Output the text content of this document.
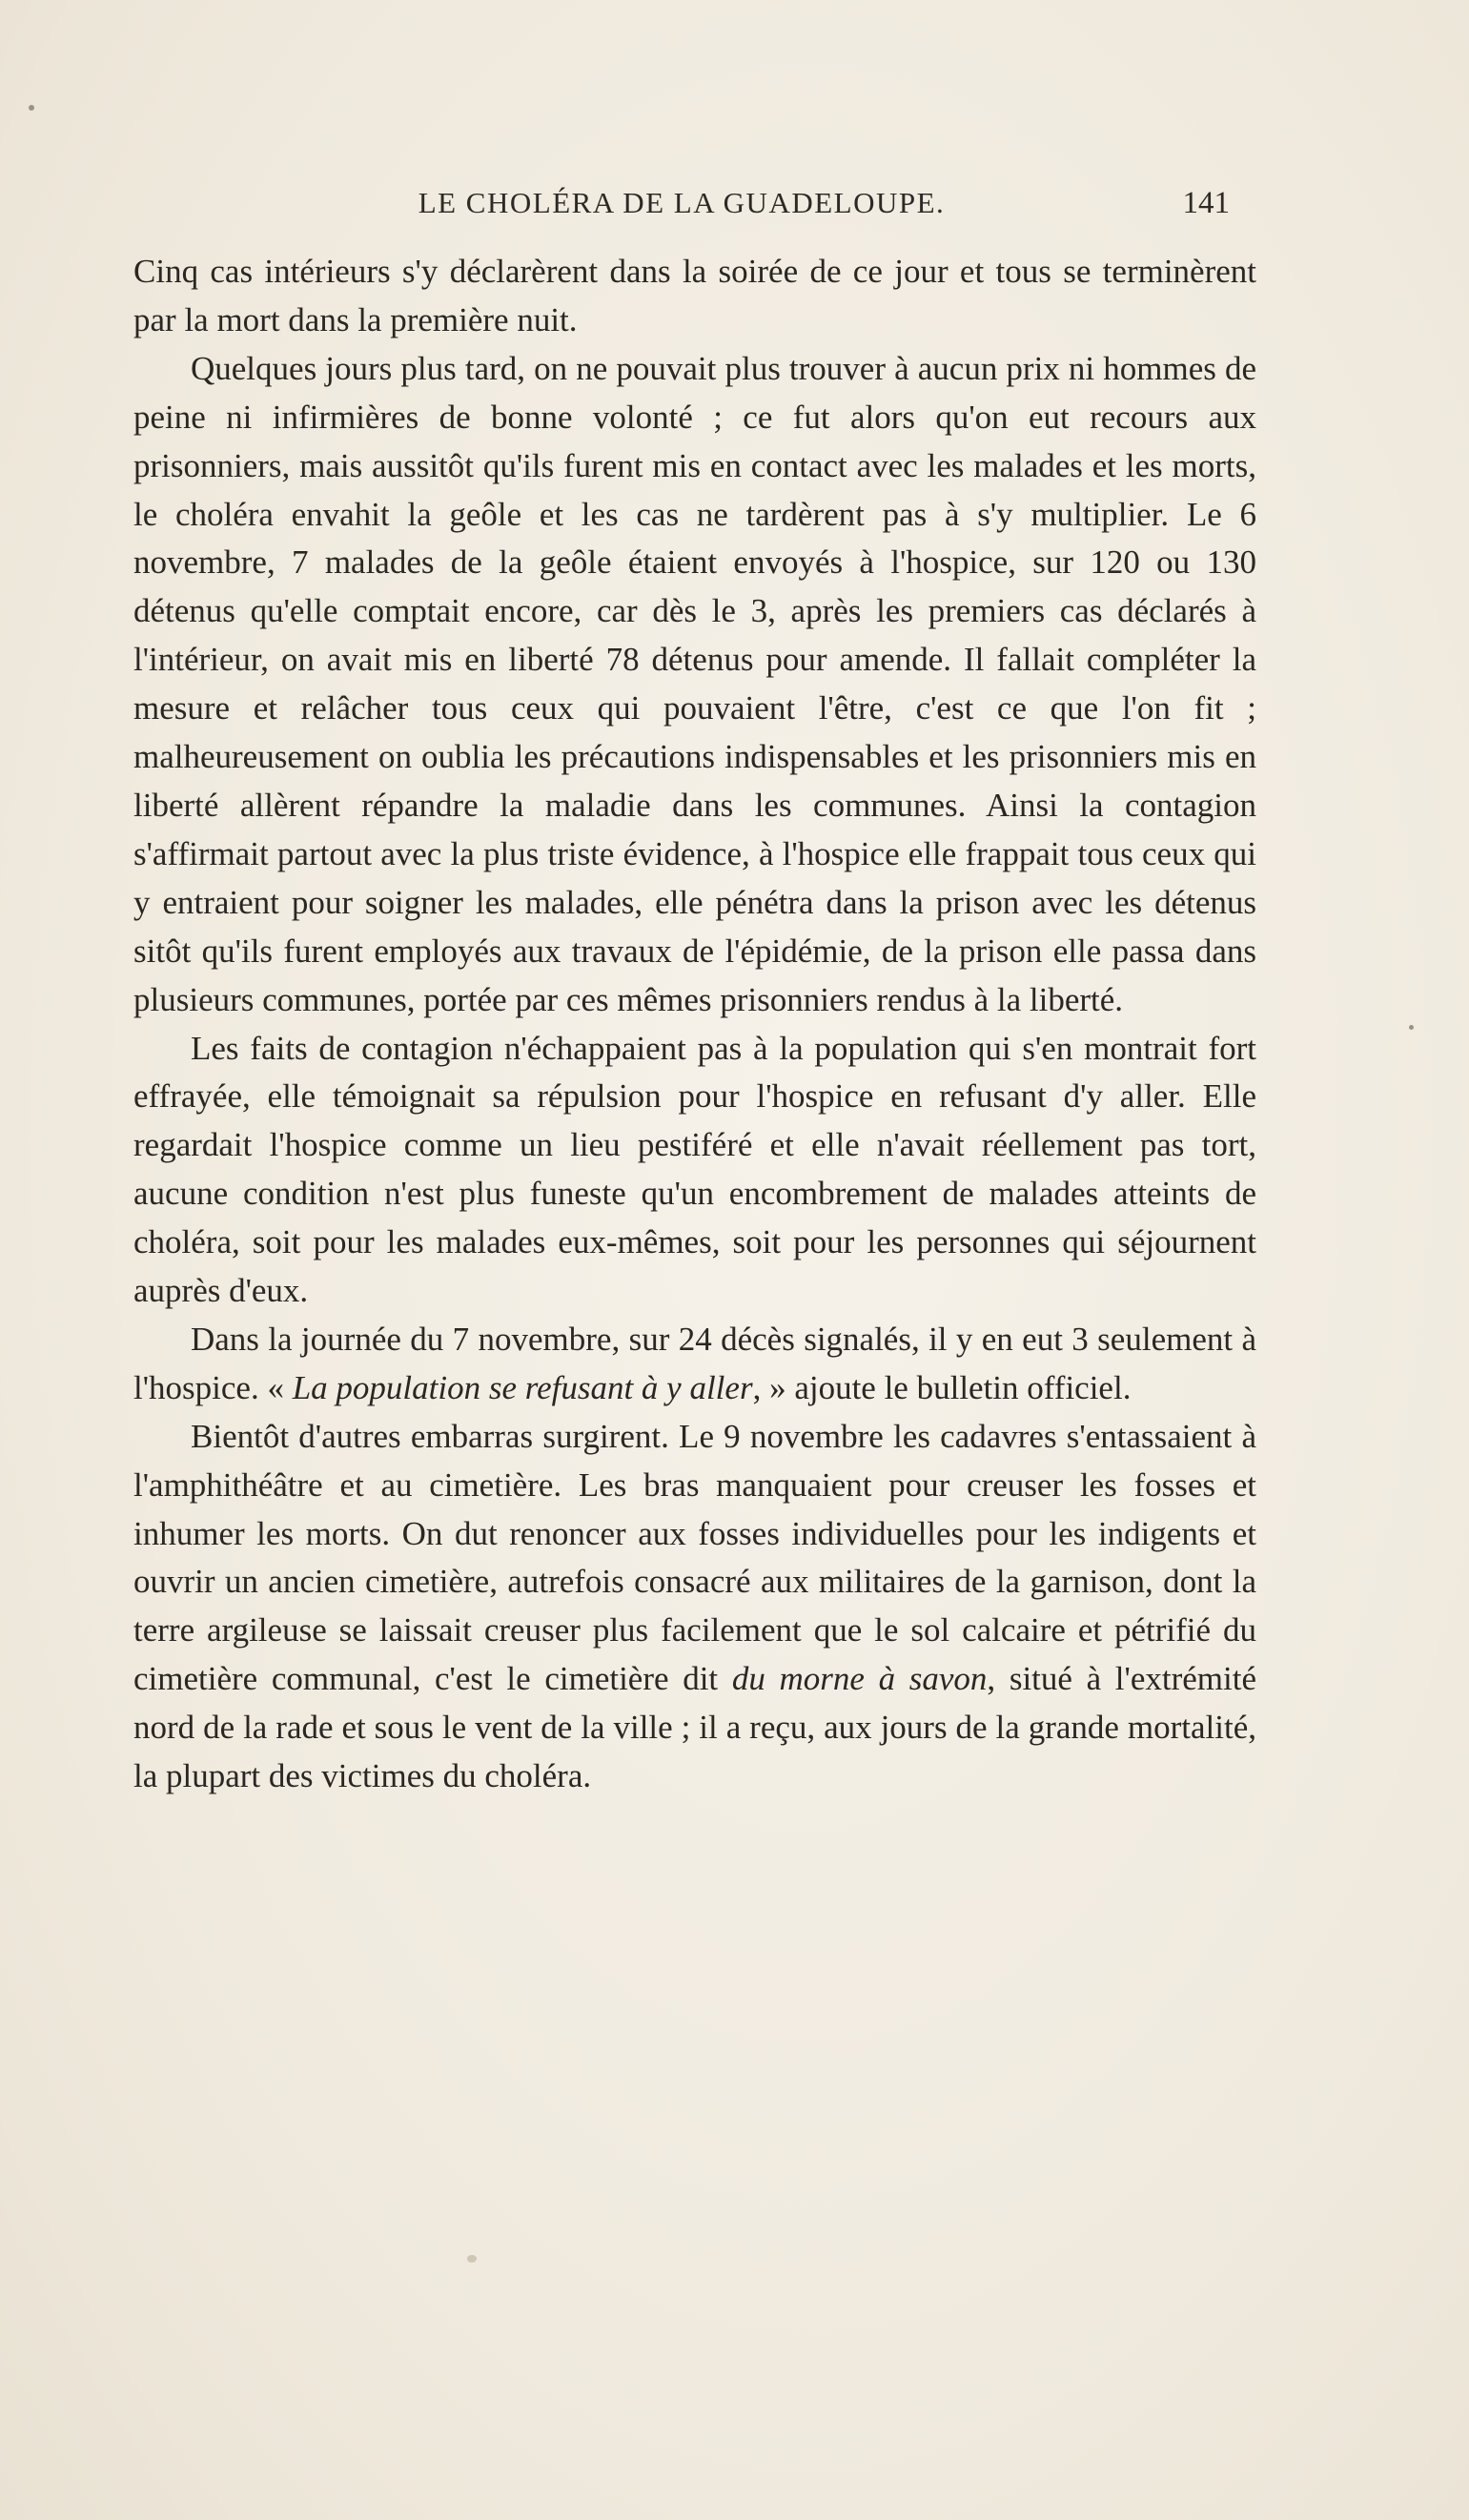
LE CHOLÉRA DE LA GUADELOUPE.	141

Cinq cas intérieurs s'y déclarèrent dans la soirée de ce jour et tous se terminèrent par la mort dans la première nuit.

Quelques jours plus tard, on ne pouvait plus trouver à aucun prix ni hommes de peine ni infirmières de bonne volonté ; ce fut alors qu'on eut recours aux prisonniers, mais aussitôt qu'ils furent mis en contact avec les malades et les morts, le choléra envahit la geôle et les cas ne tardèrent pas à s'y multiplier. Le 6 novembre, 7 malades de la geôle étaient envoyés à l'hospice, sur 120 ou 130 détenus qu'elle comptait encore, car dès le 3, après les premiers cas déclarés à l'intérieur, on avait mis en liberté 78 détenus pour amende. Il fallait compléter la mesure et relâcher tous ceux qui pouvaient l'être, c'est ce que l'on fit ; malheureusement on oublia les précautions indispensables et les prisonniers mis en liberté allèrent répandre la maladie dans les communes. Ainsi la contagion s'affirmait partout avec la plus triste évidence, à l'hospice elle frappait tous ceux qui y entraient pour soigner les malades, elle pénétra dans la prison avec les détenus sitôt qu'ils furent employés aux travaux de l'épidémie, de la prison elle passa dans plusieurs communes, portée par ces mêmes prisonniers rendus à la liberté.

Les faits de contagion n'échappaient pas à la population qui s'en montrait fort effrayée, elle témoignait sa répulsion pour l'hospice en refusant d'y aller. Elle regardait l'hospice comme un lieu pestiféré et elle n'avait réellement pas tort, aucune condition n'est plus funeste qu'un encombrement de malades atteints de choléra, soit pour les malades eux-mêmes, soit pour les personnes qui séjournent auprès d'eux.

Dans la journée du 7 novembre, sur 24 décès signalés, il y en eut 3 seulement à l'hospice. « La population se refusant à y aller, » ajoute le bulletin officiel.

Bientôt d'autres embarras surgirent. Le 9 novembre les cadavres s'entassaient à l'amphithéâtre et au cimetière. Les bras manquaient pour creuser les fosses et inhumer les morts. On dut renoncer aux fosses individuelles pour les indigents et ouvrir un ancien cimetière, autrefois consacré aux militaires de la garnison, dont la terre argileuse se laissait creuser plus facilement que le sol calcaire et pétrifié du cimetière communal, c'est le cimetière dit du morne à savon, situé à l'extrémité nord de la rade et sous le vent de la ville ; il a reçu, aux jours de la grande mortalité, la plupart des victimes du choléra.
